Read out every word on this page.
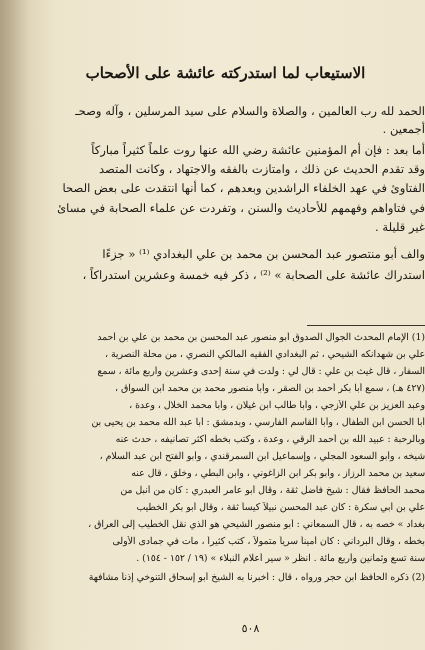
الاستيعاب لما استدركته عائشة على الأصحاب
الحمد لله رب العالمين ، والصلاة والسلام على سيد المرسلين ، وآله وصحـ
أجمعين .
أما بعد : فإن أم المؤمنين عائشة رضي الله عنها روت علماً كثيراً مباركاً
وقد تقدم الحديث عن ذلك ، وامتازت بالفقه والاجتهاد ، وكانت المتصد
الفتاوئ في عهد الخلفاء الراشدين وبعدهم ، كما أنها انتقدت على بعض الصحا
في فتاواهم وفهمهم للأحاديث والسنن ، وتفردت عن علماء الصحابة في مسائ
غير قليلة .
والف أبو منتصور عبد المحسن بن محمد بن علي البغدادي ⁽¹⁾ « جزءًا
استدراك عائشة على الصحابة » ⁽²⁾ ، ذكر فيه خمسة وعشرين استدراكاً ،
(1) الإمام المحدث الجوال الصدوق أبو منصور عبد المحسن بن محمد بن علي بن أحمد
علي بن شهدانكه الشيحي ، ثم البغدادي الفقيه المالكي النصري ، من محلة النصرية ،
السفار ، قال غيث بن علي : قال لي : ولدت في سنة إحدى وعشرين وأربع مائة ، سمع
(٤٢٧ هـ) ، سمع أبا بكر أحمد بن الصقر ، وأبا منصور محمد بن محمد ابن السواق ،
وعبد العزيز بن علي الأزجي ، وأبا طالب ابن غيلان ، وأبا محمد الخلال ، وعدة ،
أبا الحسن ابن الطفال ، وأبا القاسم الفارسي ، وبدمشق : أبا عبد الله محمد بن يحيى بن
وبالرحبة : عبيد الله بن أحمد الرقي ، وعدة ، وكتب بخطه أكثر تصانيفه ، حدث عنه
شيخه ، وأبو السعود المجلي ، وإسماعيل ابن السمرقندي ، وأبو الفتح ابن عبد السلام ،
سعيد بن محمد الرزاز ، وأبو بكر ابن الزاغوني ، وابن البطي ، وخلق ، قال عنه
محمد الحافظ فقال : شيخ فاضل ثقة ، وقال أبو عامر العبدري : كان من أنبل من
علي بن أبي سكرة : كان عبد المحسن نبيلاً كيساً ثقة ، وقال أبو بكر الخطيب
بغداد » خصه به ، قال السمعاني : أبو منصور الشيحي هو الذي نقل الخطيب إلى العراق ،
بخطه ، وقال البرداني : كان أميناً سرياً متمولاً ، كتب كثيراً ، مات في جمادى الأولى
سنة تسع وثمانين وأربع مائة . انظر « سير أعلام النبلاء » (١٩ / ١٥٢ - ١٥٤) .
(2) ذكره الحافظ ابن حجر ورواه ، قال : أخبرنا به الشيخ أبو إسحاق التنوخي إذناً مشافهة
٥٠٨
